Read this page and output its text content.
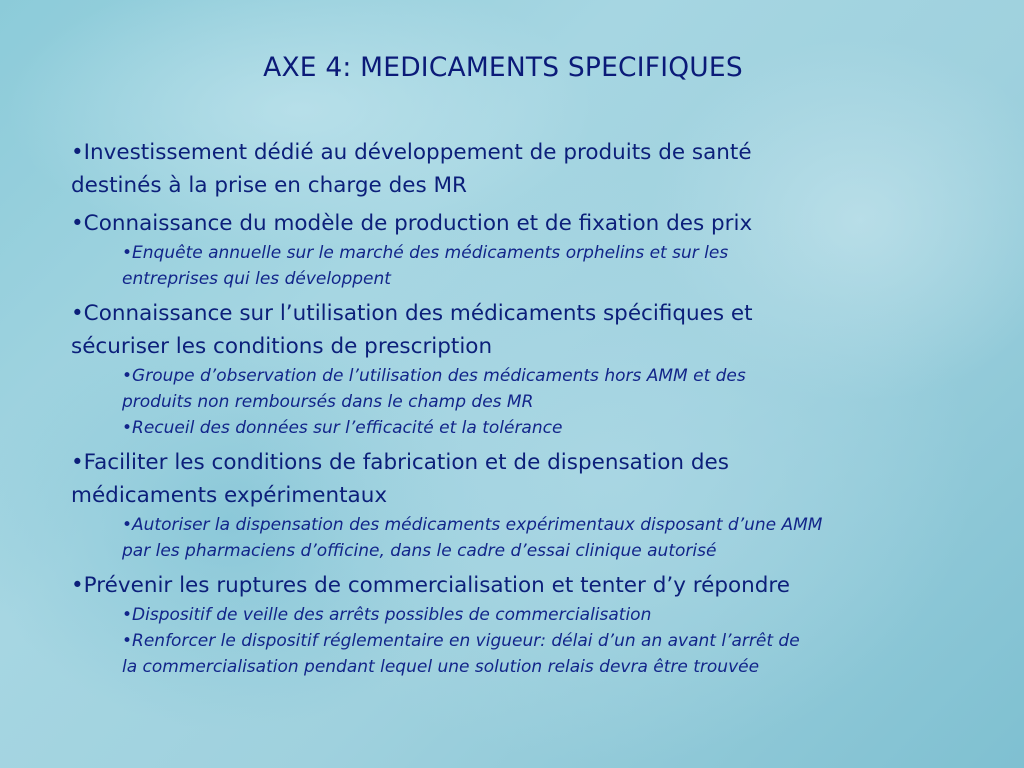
AXE 4: MEDICAMENTS SPECIFIQUES

•Investissement dédié au développement de produits de santé

destinés à la prise en charge des MR

•Connaissance du modèle de production et de fixation des prix

•Enquête annuelle sur le marché des médicaments orphelins et sur les

entreprises qui les développent

•Connaissance sur l’utilisation des médicaments spécifiques et

sécuriser les conditions de prescription

•Groupe d’observation de l’utilisation des médicaments hors AMM et des

produits non remboursés dans le champ des MR

•Recueil des données sur l’efficacité et la tolérance

•Faciliter les conditions de fabrication et de dispensation des

médicaments expérimentaux

•Autoriser la dispensation des médicaments expérimentaux disposant d’une AMM

par les pharmaciens d’officine, dans le cadre d’essai clinique autorisé

•Prévenir les ruptures de commercialisation et tenter d’y répondre

•Dispositif de veille des arrêts possibles de commercialisation

•Renforcer le dispositif réglementaire en vigueur: délai d’un an avant l’arrêt de

la commercialisation pendant lequel une solution relais devra être trouvée
